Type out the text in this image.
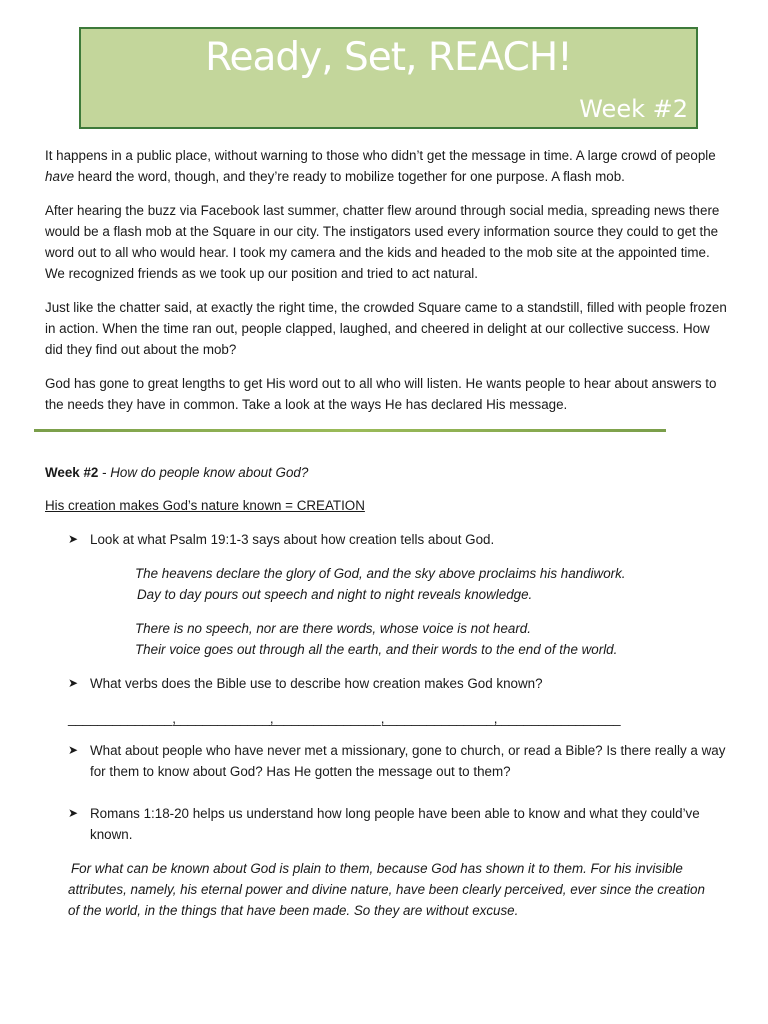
Ready, Set, REACH!
Week #2

It happens in a public place, without warning to those who didn’t get the message in time. A large crowd of people have heard the word, though, and they’re ready to mobilize together for one purpose. A flash mob.

After hearing the buzz via Facebook last summer, chatter flew around through social media, spreading news there would be a flash mob at the Square in our city. The instigators used every information source they could to get the word out to all who would hear. I took my camera and the kids and headed to the mob site at the appointed time. We recognized friends as we took up our position and tried to act natural.

Just like the chatter said, at exactly the right time, the crowded Square came to a standstill, filled with people frozen in action. When the time ran out, people clapped, laughed, and cheered in delight at our collective success. How did they find out about the mob?

God has gone to great lengths to get His word out to all who will listen. He wants people to hear about answers to the needs they have in common. Take a look at the ways He has declared His message.

Week #2 - How do people know about God?

His creation makes God’s nature known = CREATION

➤ Look at what Psalm 19:1-3 says about how creation tells about God.

The heavens declare the glory of God, and the sky above proclaims his handiwork.

Day to day pours out speech and night to night reveals knowledge.

There is no speech, nor are there words, whose voice is not heard.

Their voice goes out through all the earth, and their words to the end of the world.

➤ What verbs does the Bible use to describe how creation makes God known?
______________,
_____________,
_______________,
_______________,
_________________
➤ What about people who have never met a missionary, gone to church, or read a Bible? Is there really a way for them to know about God? Has He gotten the message out to them?
➤ Romans 1:18-20 helps us understand how long people have been able to know and what they could’ve known.

For what can be known about God is plain to them, because God has shown it to them. For his invisible attributes, namely, his eternal power and divine nature, have been clearly perceived, ever since the creation of the world, in the things that have been made. So they are without excuse.
